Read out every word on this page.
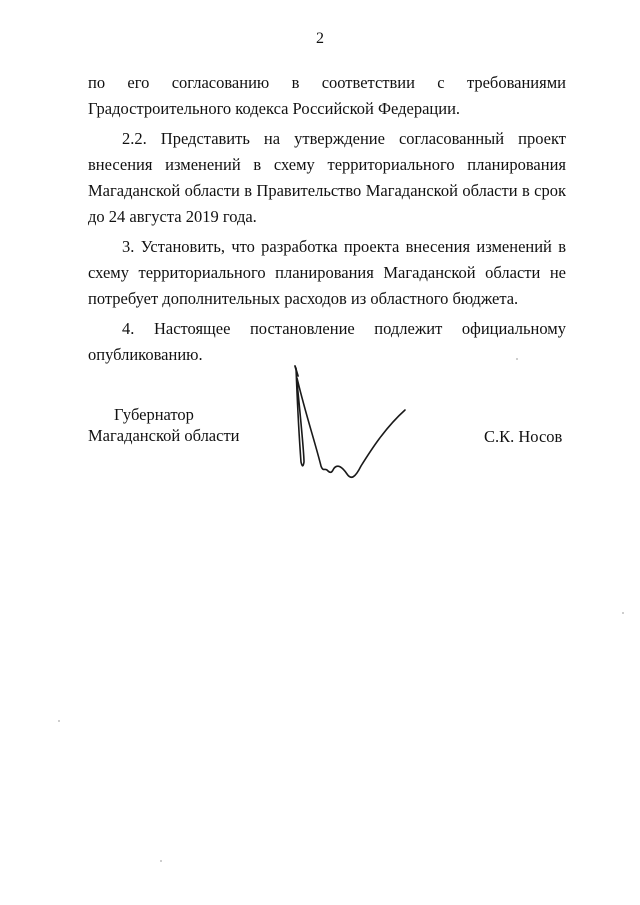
2

по его согласованию в соответствии с требованиями Градостроительного кодекса Российской Федерации.

2.2. Представить на утверждение согласованный проект внесения изменений в схему территориального планирования Магаданской области в Правительство Магаданской области в срок до 24 августа 2019 года.

3. Установить, что разработка проекта внесения изменений в схему территориального планирования Магаданской области не потребует дополнительных расходов из областного бюджета.

4. Настоящее постановление подлежит официальному опубликованию.

Губернатор
Магаданской области	С.К. Носов
